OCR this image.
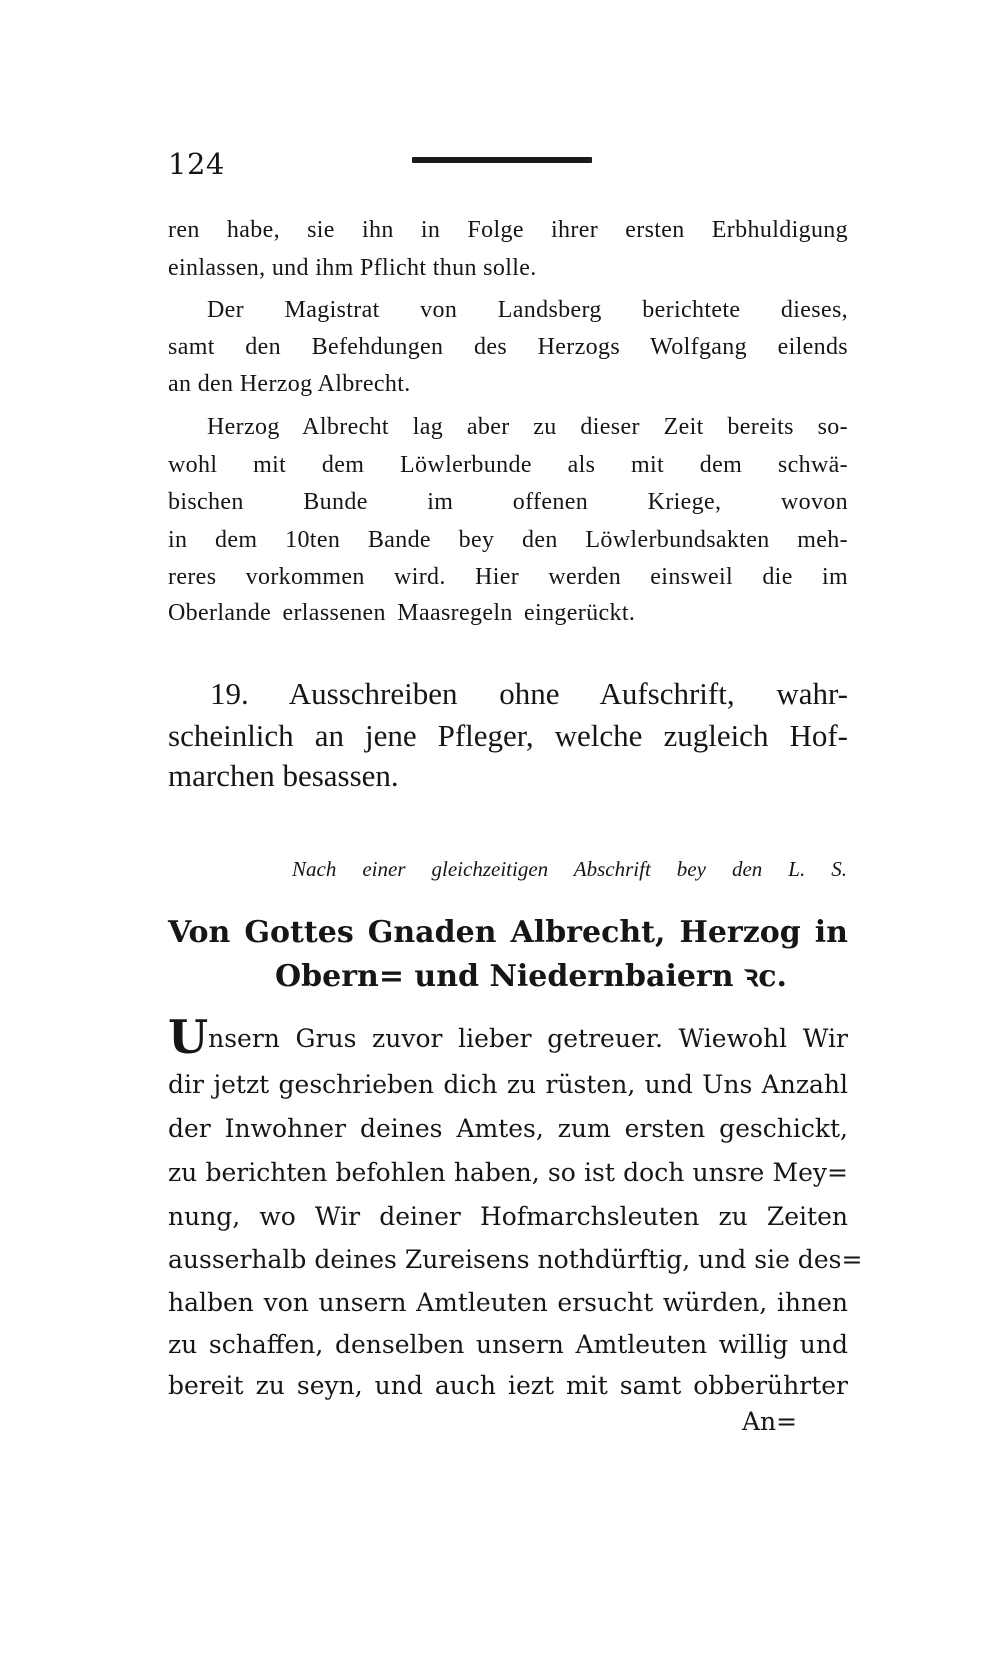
124
ren habe, sie ihn in Folge ihrer ersten Erbhuldigung
einlassen, und ihm Pflicht thun solle.
Der Magistrat von Landsberg berichtete dieses,
samt den Befehdungen des Herzogs Wolfgang eilends
an den Herzog Albrecht.
Herzog Albrecht lag aber zu dieser Zeit bereits so-
wohl mit dem Löwlerbunde als mit dem schwä-
bischen Bunde im offenen Kriege, wovon
in dem 10ten Bande bey den Löwlerbundsakten meh-
reres vorkommen wird. Hier werden einsweil die im
Oberlande erlassenen Maasregeln eingerückt.
19. Ausschreiben ohne Aufschrift, wahr-
scheinlich an jene Pfleger, welche zugleich Hof-
marchen besassen.
Nach einer gleichzeitigen Abschrift bey den L. S.
Von Gottes Gnaden Albrecht, Herzog in
Obern= und Niedernbaiern ꝛc.
Unsern Grus zuvor lieber getreuer. Wiewohl Wir
dir jetzt geschrieben dich zu rüsten, und Uns Anzahl
der Inwohner deines Amtes, zum ersten geschickt,
zu berichten befohlen haben, so ist doch unsre Mey=
nung, wo Wir deiner Hofmarchsleuten zu Zeiten
ausserhalb deines Zureisens nothdürftig, und sie des=
halben von unsern Amtleuten ersucht würden, ihnen
zu schaffen, denselben unsern Amtleuten willig und
bereit zu seyn, und auch iezt mit samt obberührter
An=
